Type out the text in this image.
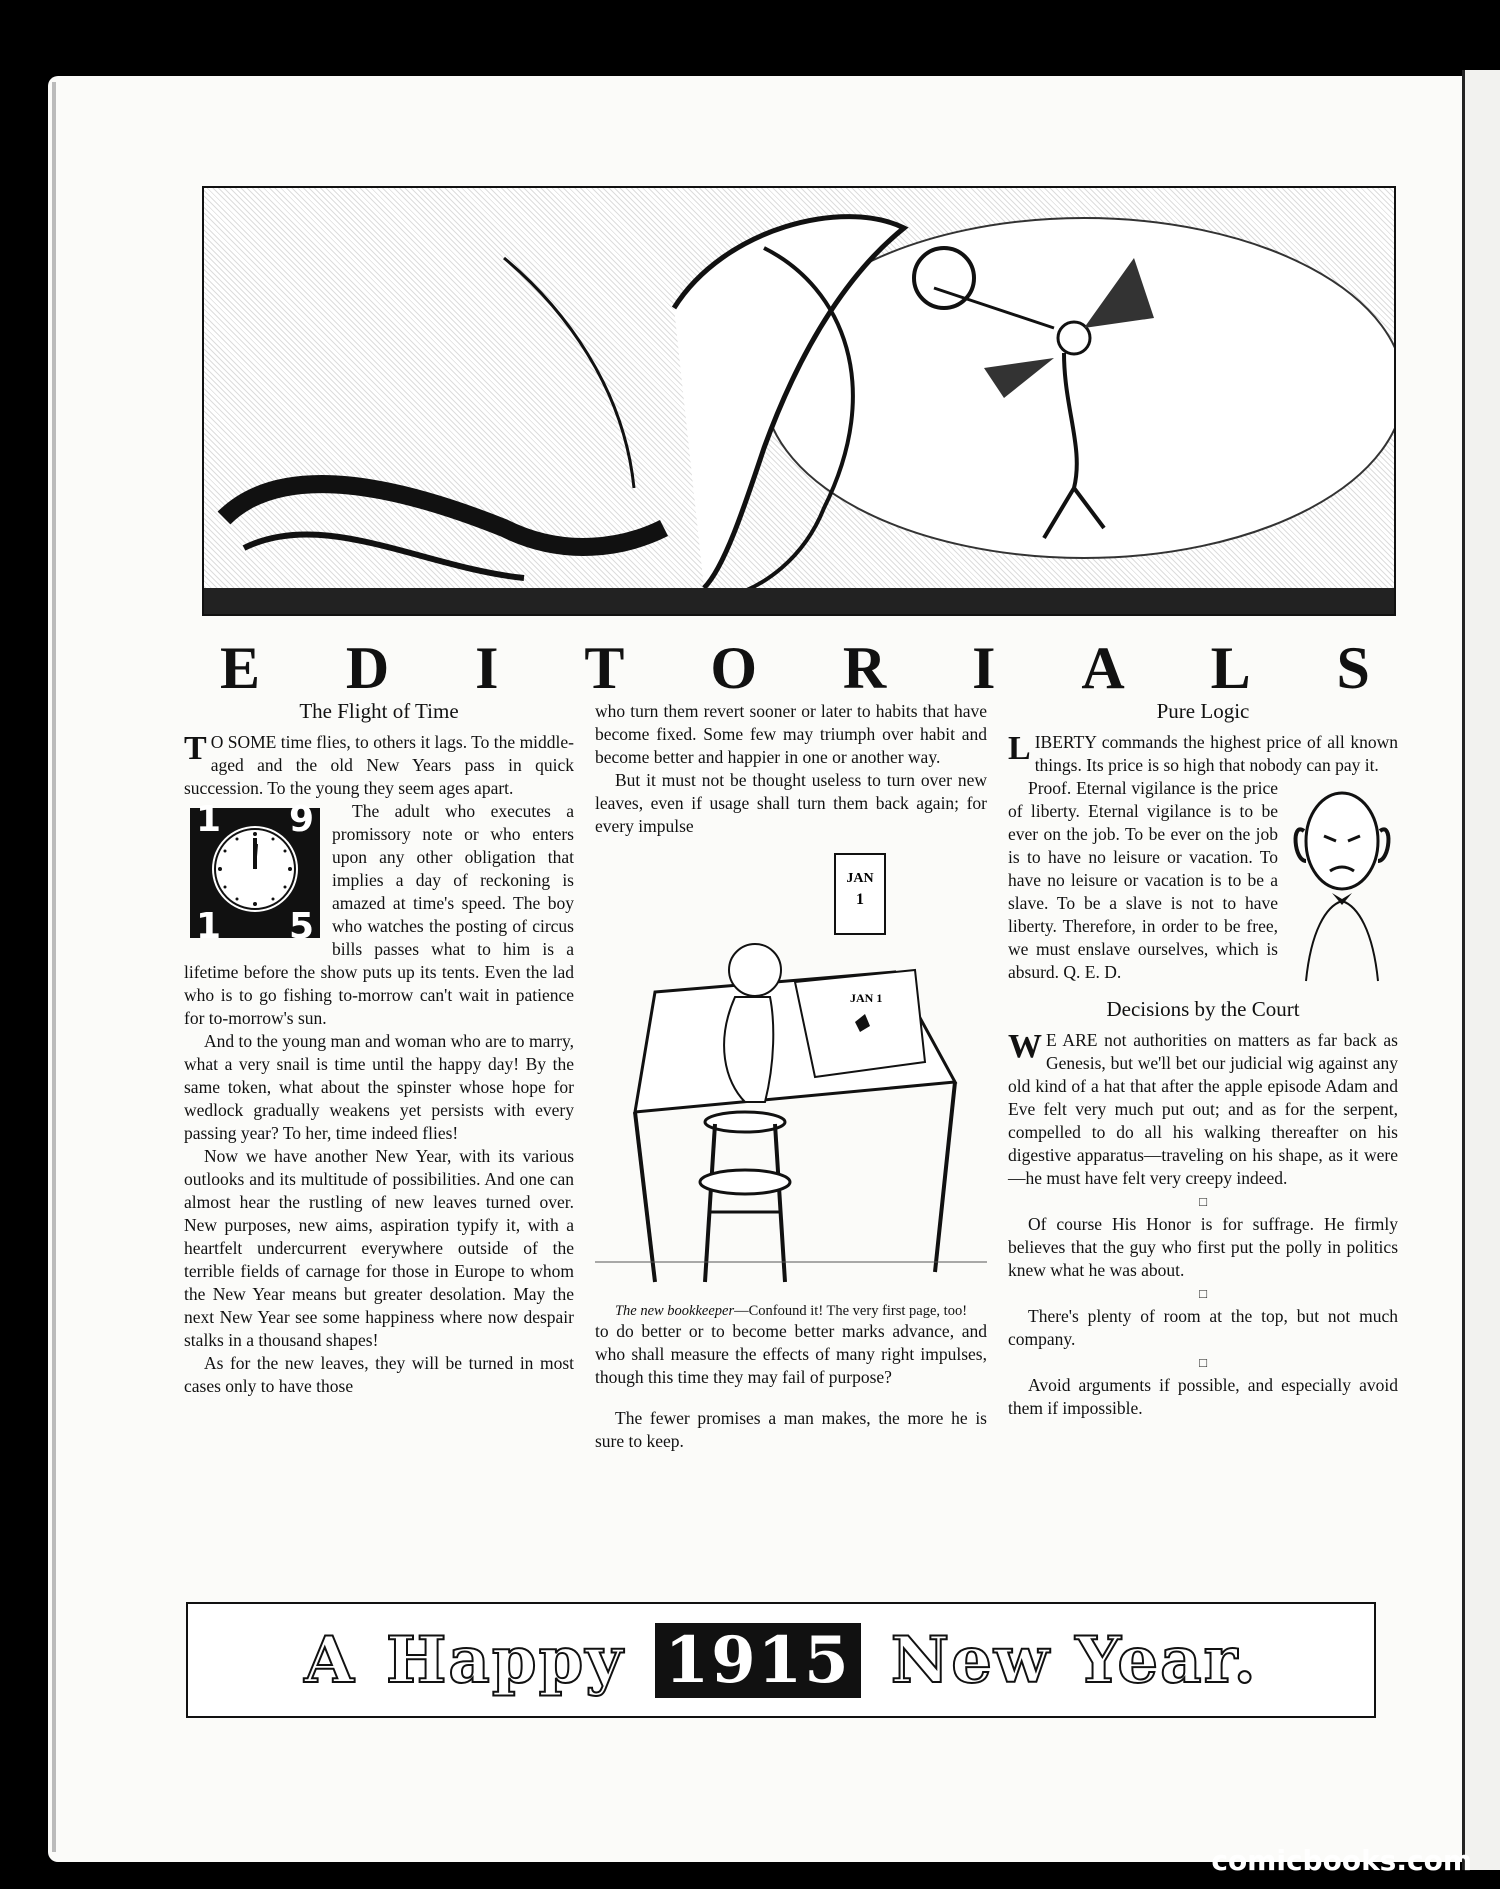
E D I T O R I A L S
The Flight of Time

T O SOME time flies, to others it lags. To the middle-aged and the old New Years pass in quick succession. To the young they seem ages apart.

1 9
1 5

The adult who executes a promissory note or who enters upon any other obligation that implies a day of reckoning is amazed at time's speed. The boy who watches the posting of circus bills passes what to him is a lifetime before the show puts up its tents. Even the lad who is to go fishing to-morrow can't wait in patience for to-morrow's sun.

And to the young man and woman who are to marry, what a very snail is time until the happy day! By the same token, what about the spinster whose hope for wedlock gradually weakens yet persists with every passing year? To her, time indeed flies!

Now we have another New Year, with its various outlooks and its multitude of possibilities. And one can almost hear the rustling of new leaves turned over. New purposes, new aims, aspiration typify it, with a heartfelt undercurrent everywhere outside of the terrible fields of carnage for those in Europe to whom the New Year means but greater desolation. May the next New Year see some happiness where now despair stalks in a thousand shapes!

As for the new leaves, they will be turned in most cases only to have those

who turn them revert sooner or later to habits that have become fixed. Some few may triumph over habit and become better and happier in one or another way.

But it must not be thought useless to turn over new leaves, even if usage shall turn them back again; for every impulse

JAN
1
JAN 1

The new bookkeeper—Confound it! The very first page, too!

to do better or to become better marks advance, and who shall measure the effects of many right impulses, though this time they may fail of purpose?

The fewer promises a man makes, the more he is sure to keep.

Pure Logic

LIBERTY commands the highest price of all known things. Its price is so high that nobody can pay it.

Proof. Eternal vigilance is the price of liberty. Eternal vigilance is to be ever on the job. To be ever on the job is to have no leisure or vacation. To have no leisure or vacation is to be a slave. To be a slave is not to have liberty. Therefore, in order to be free, we must enslave ourselves, which is absurd. Q. E. D.

Decisions by the Court

W E ARE not authorities on matters as far back as Genesis, but we'll bet our judicial wig against any old kind of a hat that after the apple episode Adam and Eve felt very much put out; and as for the serpent, compelled to do all his walking thereafter on his digestive apparatus—traveling on his shape, as it were—he must have felt very creepy indeed.

□

Of course His Honor is for suffrage. He firmly believes that the guy who first put the polly in politics knew what he was about.

□

There's plenty of room at the top, but not much company.

□

Avoid arguments if possible, and especially avoid them if impossible.

A Happy 1915 New Year.
comicbooks.com
